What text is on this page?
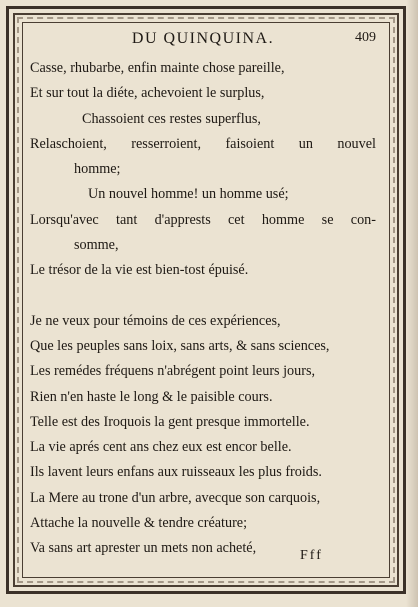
DU QUINQUINA.	409
Casse, rhubarbe, enfin mainte chose pareille,
Et sur tout la diéte, achevoient le surplus,
Chassoient ces restes superflus,
Relaschoient, resserroient, faisoient un nouvel
homme;
Un nouvel homme! un homme usé;
Lorsqu'avec tant d'apprests cet homme se con-
somme,
Le trésor de la vie est bien-tost épuisé.
Je ne veux pour témoins de ces expériences,
Que les peuples sans loix, sans arts, & sans sciences,
Les remédes fréquens n'abrégent point leurs jours,
Rien n'en haste le long & le paisible cours.
Telle est des Iroquois la gent presque immortelle.
La vie aprés cent ans chez eux est encor belle.
Ils lavent leurs enfans aux ruisseaux les plus froids.
La Mere au trone d'un arbre, avecque son carquois,
Attache la nouvelle & tendre créature;
Va sans art aprester un mets non acheté,	Fff
